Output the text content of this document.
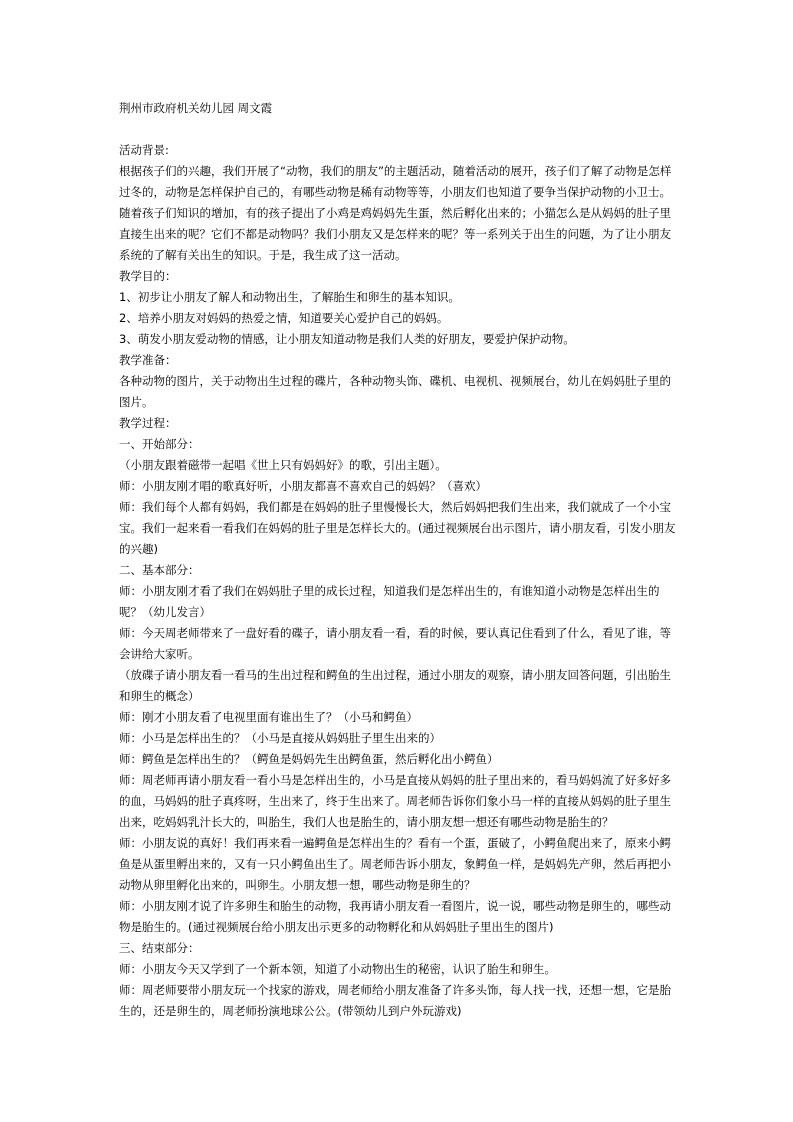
荆州市政府机关幼儿园 周文霞

活动背景:

根据孩子们的兴趣，我们开展了“动物，我们的朋友”的主题活动，随着活动的展开，孩子们了解了动物是怎样过冬的，动物是怎样保护自己的，有哪些动物是稀有动物等等，小朋友们也知道了要争当保护动物的小卫士。随着孩子们知识的增加，有的孩子提出了小鸡是鸡妈妈先生蛋，然后孵化出来的；小猫怎么是从妈妈的肚子里直接生出来的呢？它们不都是动物吗？我们小朋友又是怎样来的呢？等一系列关于出生的问题，为了让小朋友系统的了解有关出生的知识。于是，我生成了这一活动。

教学目的：

1、初步让小朋友了解人和动物出生，了解胎生和卵生的基本知识。

2、培养小朋友对妈妈的热爱之情，知道要关心爱护自己的妈妈。

3、萌发小朋友爱动物的情感，让小朋友知道动物是我们人类的好朋友，要爱护保护动物。

教学准备：

各种动物的图片，关于动物出生过程的碟片，各种动物头饰、碟机、电视机、视频展台，幼儿在妈妈肚子里的图片。

教学过程：

一、开始部分：

（小朋友跟着磁带一起唱《世上只有妈妈好》的歌，引出主题）。

师：小朋友刚才唱的歌真好听，小朋友都喜不喜欢自己的妈妈？（喜欢）

师：我们每个人都有妈妈，我们都是在妈妈的肚子里慢慢长大，然后妈妈把我们生出来，我们就成了一个小宝宝。我们一起来看一看我们在妈妈的肚子里是怎样长大的。(通过视频展台出示图片，请小朋友看，引发小朋友的兴趣)

二、基本部分：

师：小朋友刚才看了我们在妈妈肚子里的成长过程，知道我们是怎样出生的，有谁知道小动物是怎样出生的呢？（幼儿发言）

师：今天周老师带来了一盘好看的碟子，请小朋友看一看，看的时候，要认真记住看到了什么，看见了谁，等会讲给大家听。

（放碟子请小朋友看一看马的生出过程和鳄鱼的生出过程，通过小朋友的观察，请小朋友回答问题，引出胎生和卵生的概念）

师：刚才小朋友看了电视里面有谁出生了？（小马和鳄鱼）

师：小马是怎样出生的？（小马是直接从妈妈肚子里生出来的）

师：鳄鱼是怎样出生的？（鳄鱼是妈妈先生出鳄鱼蛋，然后孵化出小鳄鱼）

师：周老师再请小朋友看一看小马是怎样出生的，小马是直接从妈妈的肚子里出来的，看马妈妈流了好多好多的血，马妈妈的肚子真疼呀，生出来了，终于生出来了。周老师告诉你们象小马一样的直接从妈妈的肚子里生出来，吃妈妈乳汁长大的，叫胎生，我们人也是胎生的，请小朋友想一想还有哪些动物是胎生的？

师：小朋友说的真好！我们再来看一遍鳄鱼是怎样出生的？看有一个蛋，蛋破了，小鳄鱼爬出来了，原来小鳄鱼是从蛋里孵出来的，又有一只小鳄鱼出生了。周老师告诉小朋友，象鳄鱼一样，是妈妈先产卵，然后再把小动物从卵里孵化出来的，叫卵生。小朋友想一想，哪些动物是卵生的？

师：小朋友刚才说了许多卵生和胎生的动物，我再请小朋友看一看图片，说一说，哪些动物是卵生的，哪些动物是胎生的。(通过视频展台给小朋友出示更多的动物孵化和从妈妈肚子里出生的图片)

三、结束部分：

师：小朋友今天又学到了一个新本领，知道了小动物出生的秘密，认识了胎生和卵生。

师：周老师要带小朋友玩一个找家的游戏，周老师给小朋友准备了许多头饰，每人找一找，还想一想，它是胎生的，还是卵生的，周老师扮演地球公公。(带领幼儿到户外玩游戏)
